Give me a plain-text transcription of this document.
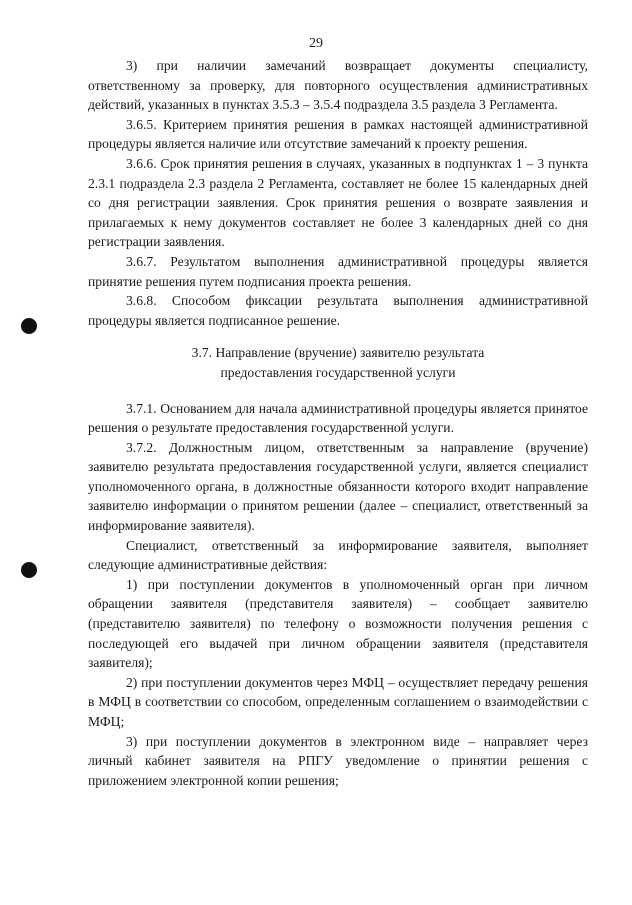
29

3) при наличии замечаний возвращает документы специалисту, ответственному за проверку, для повторного осуществления административных действий, указанных в пунктах 3.5.3 – 3.5.4 подраздела 3.5 раздела 3 Регламента.

3.6.5. Критерием принятия решения в рамках настоящей административной процедуры является наличие или отсутствие замечаний к проекту решения.

3.6.6. Срок принятия решения в случаях, указанных в подпунктах 1 – 3 пункта 2.3.1 подраздела 2.3 раздела 2 Регламента, составляет не более 15 календарных дней со дня регистрации заявления. Срок принятия решения о возврате заявления и прилагаемых к нему документов составляет не более 3 календарных дней со дня регистрации заявления.

3.6.7. Результатом выполнения административной процедуры является принятие решения путем подписания проекта решения.

3.6.8. Способом фиксации результата выполнения административной процедуры является подписанное решение.

3.7. Направление (вручение) заявителю результата
предоставления государственной услуги

3.7.1. Основанием для начала административной процедуры является принятое решения о результате предоставления государственной услуги.

3.7.2. Должностным лицом, ответственным за направление (вручение) заявителю результата предоставления государственной услуги, является специалист уполномоченного органа, в должностные обязанности которого входит направление заявителю информации о принятом решении (далее – специалист, ответственный за информирование заявителя).

Специалист, ответственный за информирование заявителя, выполняет следующие административные действия:

1) при поступлении документов в уполномоченный орган при личном обращении заявителя (представителя заявителя) – сообщает заявителю (представителю заявителя) по телефону о возможности получения решения с последующей его выдачей при личном обращении заявителя (представителя заявителя);

2) при поступлении документов через МФЦ – осуществляет передачу решения в МФЦ в соответствии со способом, определенным соглашением о взаимодействии с МФЦ;

3) при поступлении документов в электронном виде – направляет через личный кабинет заявителя на РПГУ уведомление о принятии решения с приложением электронной копии решения;
